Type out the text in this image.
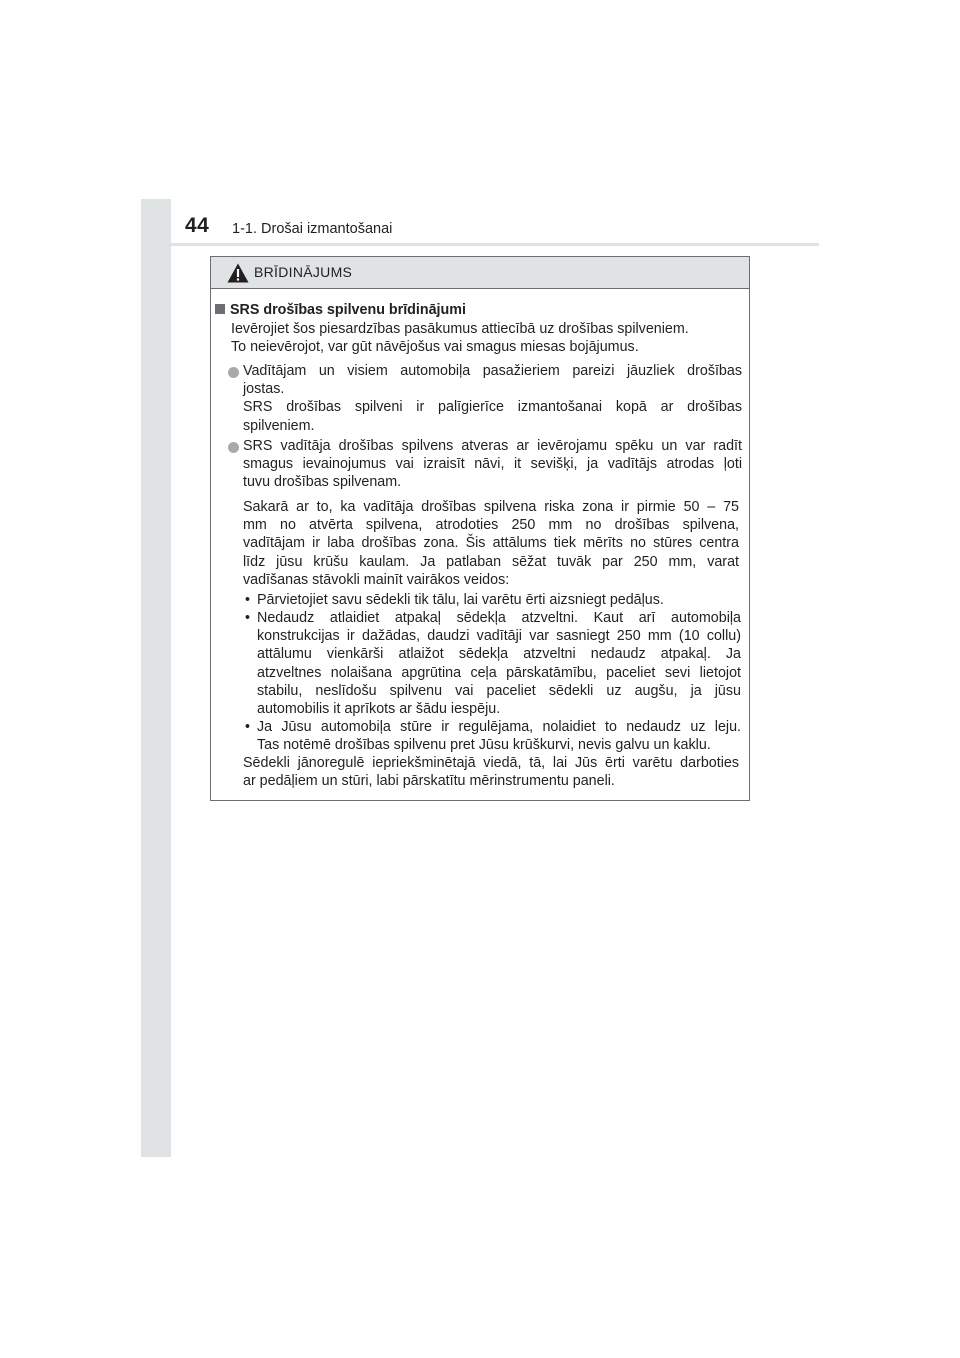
44 1-1. Drošai izmantošanai
BRĪDINĀJUMS
SRS drošības spilvenu brīdinājumi
Ievērojiet šos piesardzības pasākumus attiecībā uz drošības spilveniem.
To neievērojot, var gūt nāvējošus vai smagus miesas bojājumus.
Vadītājam un visiem automobiļa pasažieriem pareizi jāuzliek drošības
jostas.
SRS drošības spilveni ir palīgierīce izmantošanai kopā ar drošības
spilveniem.
SRS vadītāja drošības spilvens atveras ar ievērojamu spēku un var radīt
smagus ievainojumus vai izraisīt nāvi, it sevišķi, ja vadītājs atrodas ļoti
tuvu drošības spilvenam.
Sakarā ar to, ka vadītāja drošības spilvena riska zona ir pirmie 50 – 75
mm no atvērta spilvena, atrodoties 250 mm no drošības spilvena,
vadītājam ir laba drošības zona. Šis attālums tiek mērīts no stūres centra
līdz jūsu krūšu kaulam. Ja patlaban sēžat tuvāk par 250 mm, varat
vadīšanas stāvokli mainīt vairākos veidos:
• Pārvietojiet savu sēdekli tik tālu, lai varētu ērti aizsniegt pedāļus.
• Nedaudz atlaidiet atpakaļ sēdekļa atzveltni. Kaut arī automobiļa
konstrukcijas ir dažādas, daudzi vadītāji var sasniegt 250 mm (10 collu)
attālumu vienkārši atlaižot sēdekļa atzveltni nedaudz atpakaļ. Ja
atzveltnes nolaišana apgrūtina ceļa pārskatāmību, paceliet sevi lietojot
stabilu, neslīdošu spilvenu vai paceliet sēdekli uz augšu, ja jūsu
automobilis it aprīkots ar šādu iespēju.
• Ja Jūsu automobiļa stūre ir regulējama, nolaidiet to nedaudz uz leju.
Tas notēmē drošības spilvenu pret Jūsu krūškurvi, nevis galvu un kaklu.
Sēdekli jānoregulē iepriekšminētajā viedā, tā, lai Jūs ērti varētu darboties
ar pedāļiem un stūri, labi pārskatītu mērinstrumentu paneli.
